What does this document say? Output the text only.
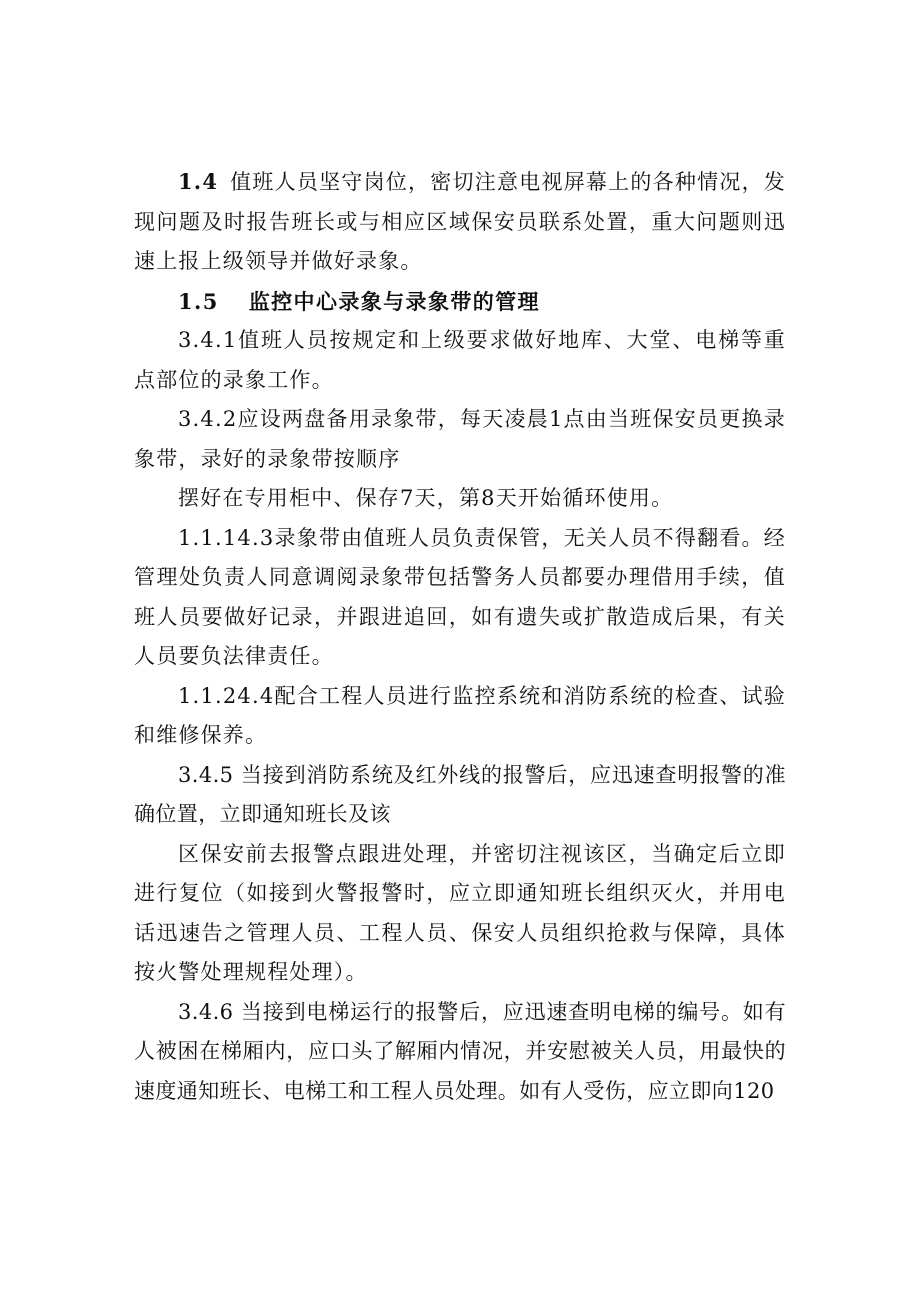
1.4 值班人员坚守岗位，密切注意电视屏幕上的各种情况，发现问题及时报告班长或与相应区域保安员联系处置，重大问题则迅速上报上级领导并做好录象。

1.5 监控中心录象与录象带的管理

3.4.1值班人员按规定和上级要求做好地库、大堂、电梯等重点部位的录象工作。

3.4.2应设两盘备用录象带，每天凌晨1点由当班保安员更换录象带，录好的录象带按顺序

摆好在专用柜中、保存7天，第8天开始循环使用。

1.1.14.3录象带由值班人员负责保管，无关人员不得翻看。经管理处负责人同意调阅录象带包括警务人员都要办理借用手续，值班人员要做好记录，并跟进追回，如有遗失或扩散造成后果，有关人员要负法律责任。

1.1.24.4配合工程人员进行监控系统和消防系统的检查、试验和维修保养。

3.4.5 当接到消防系统及红外线的报警后，应迅速查明报警的准确位置，立即通知班长及该

区保安前去报警点跟进处理，并密切注视该区，当确定后立即进行复位（如接到火警报警时，应立即通知班长组织灭火，并用电话迅速告之管理人员、工程人员、保安人员组织抢救与保障，具体按火警处理规程处理）。

3.4.6 当接到电梯运行的报警后，应迅速查明电梯的编号。如有人被困在梯厢内，应口头了解厢内情况，并安慰被关人员，用最快的速度通知班长、电梯工和工程人员处理。如有人受伤，应立即向120
